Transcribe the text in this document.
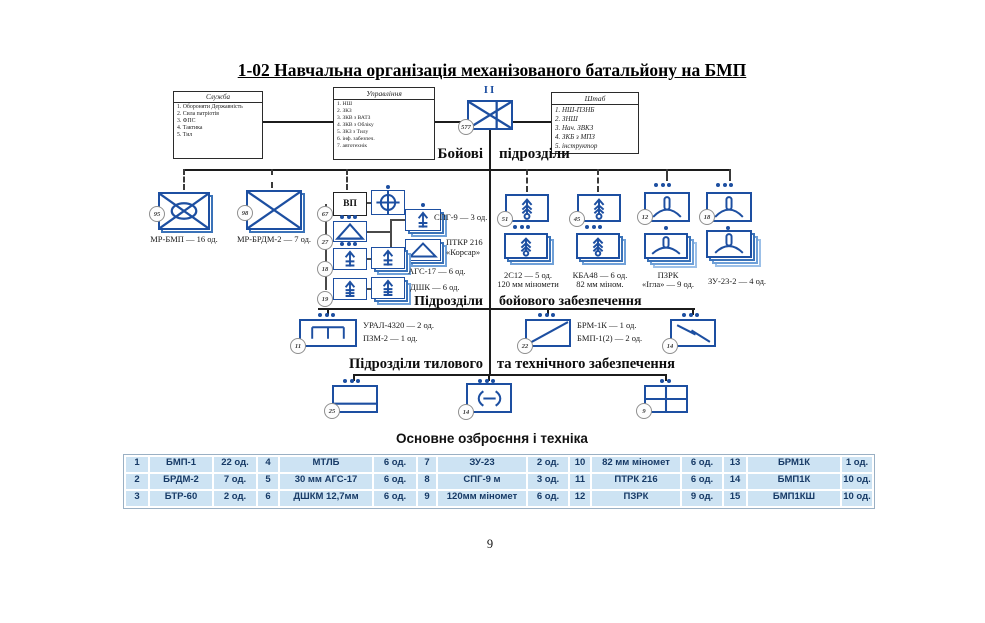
1-02 Навчальна організація механізованого батальйону на БМП
Служба
1. Обороняти Державність
2. Сила патріотів
3. ФПС
4. Тактика
5. Тил
Управління
1. НШ
2. ЗКЗ
3. ЗКВ з ВАТЗ
4. ЗКВ з Обліку
5. ЗКЗ з Тилу
6. інф. забезпеч.
7. автотехнік
Штаб
1. НШ-ПЗНБ
2. ЗНШ
3. Нач. ЗВКЗ
4. ЗКБ з МПЗ
5. інструктор
II
577
Бойові підрозділи
95
МР-БМП — 16 од.
98
МР-БРДМ-2 — 7 од.
ВП
67
27
СПГ-9 — 3 од.
ПТКР 216
«Корсар»
18	АГС-17 — 6 од.
19
ДШК — 6 од.
51
2С12 — 5 од.
120 мм міномети
45
КБА48 — 6 од.
82 мм міном.
12
ПЗРК
«Ігла» — 9 од.
18
ЗУ-23-2 — 4 од.
Підрозділи бойового забезпечення
11
УРАЛ-4320 — 2 од.
ПЗМ-2 — 1 од.
22
БРМ-1К — 1 од.
БМП-1(2) — 2 од.
14
Підрозділи тилового та технічного забезпечення
25	14	9
Основне озброєння і техніка
1	БМП-1	22 од.	4	МТЛБ	6 од.	7	ЗУ-23	2 од.	10	82 мм міномет	6 од.	13	БРМ1К	1 од.
2	БРДМ-2	7 од.	5	30 мм АГС-17	6 од.	8	СПГ-9 м	3 од.	11	ПТРК 216	6 од.	14	БМП1К	10 од.
3	БТР-60	2 од.	6	ДШКМ 12,7мм	6 од.	9	120мм міномет	6 од.	12	ПЗРК	9 од.	15	БМП1КШ	10 од.
9
